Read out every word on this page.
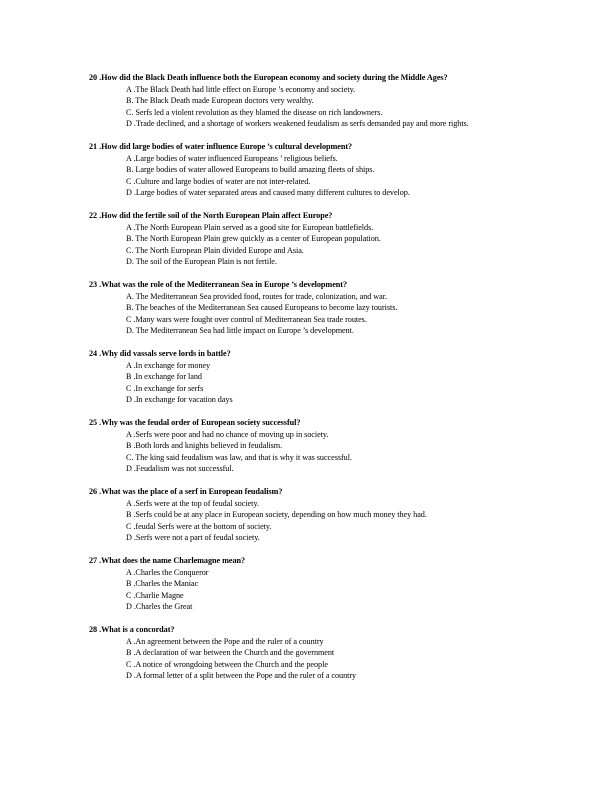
20 .How did the Black Death influence both the European economy and society during the Middle Ages?

A .The Black Death had little effect on Europe ’s economy and society.

B. The Black Death made European doctors very wealthy.

C. Serfs led a violent revolution as they blamed the disease on rich landowners.

D .Trade declined, and a shortage of workers weakened feudalism as serfs demanded pay and more rights.

21 .How did large bodies of water influence Europe ’s cultural development?

A .Large bodies of water influenced Europeans ’ religious beliefs.

B. Large bodies of water allowed Europeans to build amazing fleets of ships.

C .Culture and large bodies of water are not inter-related.

D .Large bodies of water separated areas and caused many different cultures to develop.

22 .How did the fertile soil of the North European Plain affect Europe?

A .The North European Plain served as a good site for European battlefields.

B. The North European Plain grew quickly as a center of European population.

C. The North European Plain divided Europe and Asia.

D. The soil of the European Plain is not fertile.

23 .What was the role of the Mediterranean Sea in Europe ’s development?

A. The Mediterranean Sea provided food, routes for trade, colonization, and war.

B. The beaches of the Mediterranean Sea caused Europeans to become lazy tourists.

C .Many wars were fought over control of Mediterranean Sea trade routes.

D. The Mediterranean Sea had little impact on Europe ’s development.

24 .Why did vassals serve lords in battle?

A .In exchange for money

B .In exchange for land

C .In exchange for serfs

D .In exchange for vacation days

25 .Why was the feudal order of European society successful?

A .Serfs were poor and had no chance of moving up in society.

B .Both lords and knights believed in feudalism.

C. The king said feudalism was law, and that is why it was successful.

D .Feudalism was not successful.

26 .What was the place of a serf in European feudalism?

A .Serfs were at the top of feudal society.

B .Serfs could be at any place in European society, depending on how much money they had.

C .feudal Serfs were at the bottom of society.

D .Serfs were not a part of feudal society.

27 .What does the name Charlemagne mean?

A .Charles the Conqueror

B .Charles the Maniac

C .Charlie Magne

D .Charles the Great

28 .What is a concordat?

A .An agreement between the Pope and the ruler of a country

B .A declaration of war between the Church and the government

C .A notice of wrongdoing between the Church and the people

D .A formal letter of a split between the Pope and the ruler of a country
